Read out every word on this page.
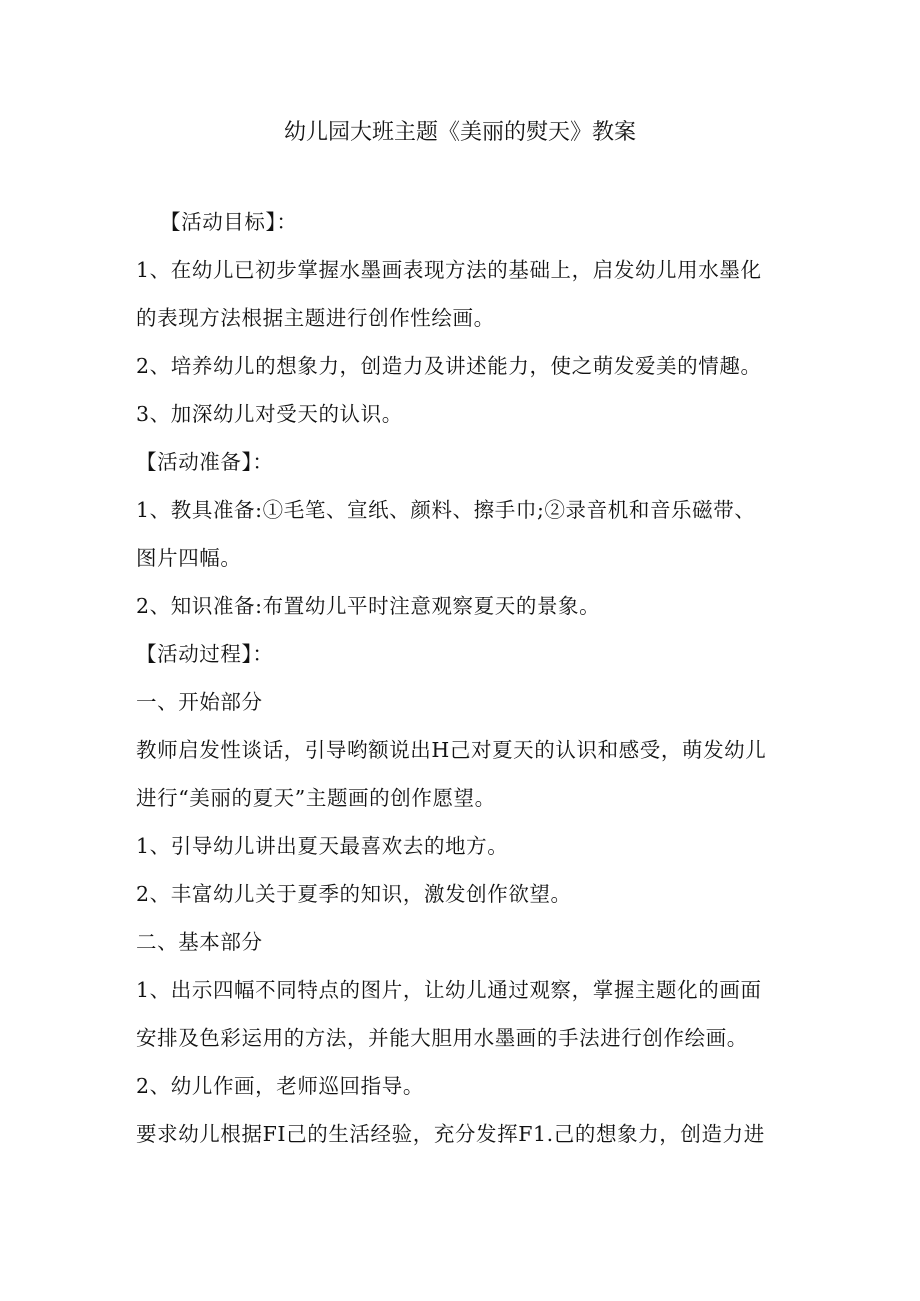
幼儿园大班主题《美丽的熨天》教案
【活动目标】：
1、在幼儿已初步掌握水墨画表现方法的基础上，启发幼儿用水墨化
的表现方法根据主题进行创作性绘画。
2、培养幼儿的想象力，创造力及讲述能力，使之萌发爱美的情趣。
3、加深幼儿对受天的认识。
【活动准备】：
1、教具准备:①毛笔、宣纸、颜料、擦手巾;②录音机和音乐磁带、
图片四幅。
2、知识准备:布置幼儿平时注意观察夏天的景象。
【活动过程】：
一、开始部分
教师启发性谈话，引导哟额说出H己对夏天的认识和感受，萌发幼儿
进行“美丽的夏天”主题画的创作愿望。
1、引导幼儿讲出夏天最喜欢去的地方。
2、丰富幼儿关于夏季的知识，激发创作欲望。
二、基本部分
1、出示四幅不同特点的图片，让幼儿通过观察，掌握主题化的画面
安排及色彩运用的方法，并能大胆用水墨画的手法进行创作绘画。
2、幼儿作画，老师巡回指导。
要求幼儿根据FI己的生活经验，充分发挥F1.己的想象力，创造力进
